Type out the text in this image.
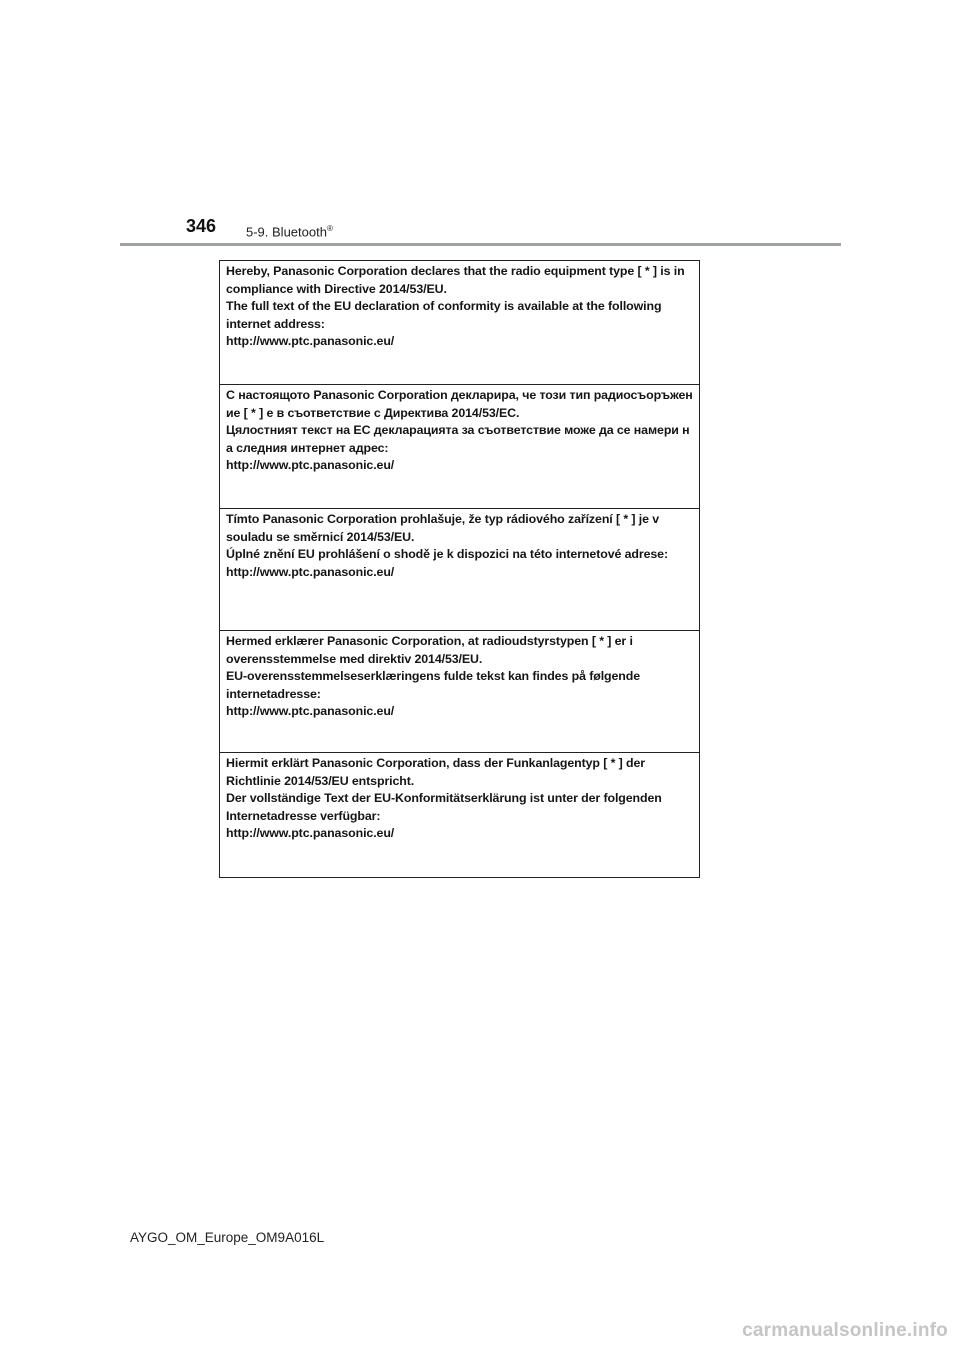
346 5-9. Bluetooth®

Hereby, Panasonic Corporation declares that the radio equipment type [ * ] is in

compliance with Directive 2014/53/EU.

The full text of the EU declaration of conformity is available at the following

internet address:

http://www.ptc.panasonic.eu/

С настоящото Panasonic Corporation декларира, че този тип радиосъоръжен

ие [ * ] е в съответствие с Директива 2014/53/ЕС.

Цялостният текст на ЕС декларацията за съответствие може да се намери н

а следния интернет адрес:

http://www.ptc.panasonic.eu/

Tímto Panasonic Corporation prohlašuje, že typ rádiového zařízení [ * ] je v

souladu se směrnicí 2014/53/EU.

Úplné znění EU prohlášení o shodě je k dispozici na této internetové adrese:

http://www.ptc.panasonic.eu/

Hermed erklærer Panasonic Corporation, at radioudstyrstypen [ * ] er i

overensstemmelse med direktiv 2014/53/EU.

EU-overensstemmelseserklæringens fulde tekst kan findes på følgende

internetadresse:

http://www.ptc.panasonic.eu/

Hiermit erklärt Panasonic Corporation, dass der Funkanlagentyp [ * ] der

Richtlinie 2014/53/EU entspricht.

Der vollständige Text der EU-Konformitätserklärung ist unter der folgenden

Internetadresse verfügbar:

http://www.ptc.panasonic.eu/

AYGO_OM_Europe_OM9A016L
carmanualsonline.info
